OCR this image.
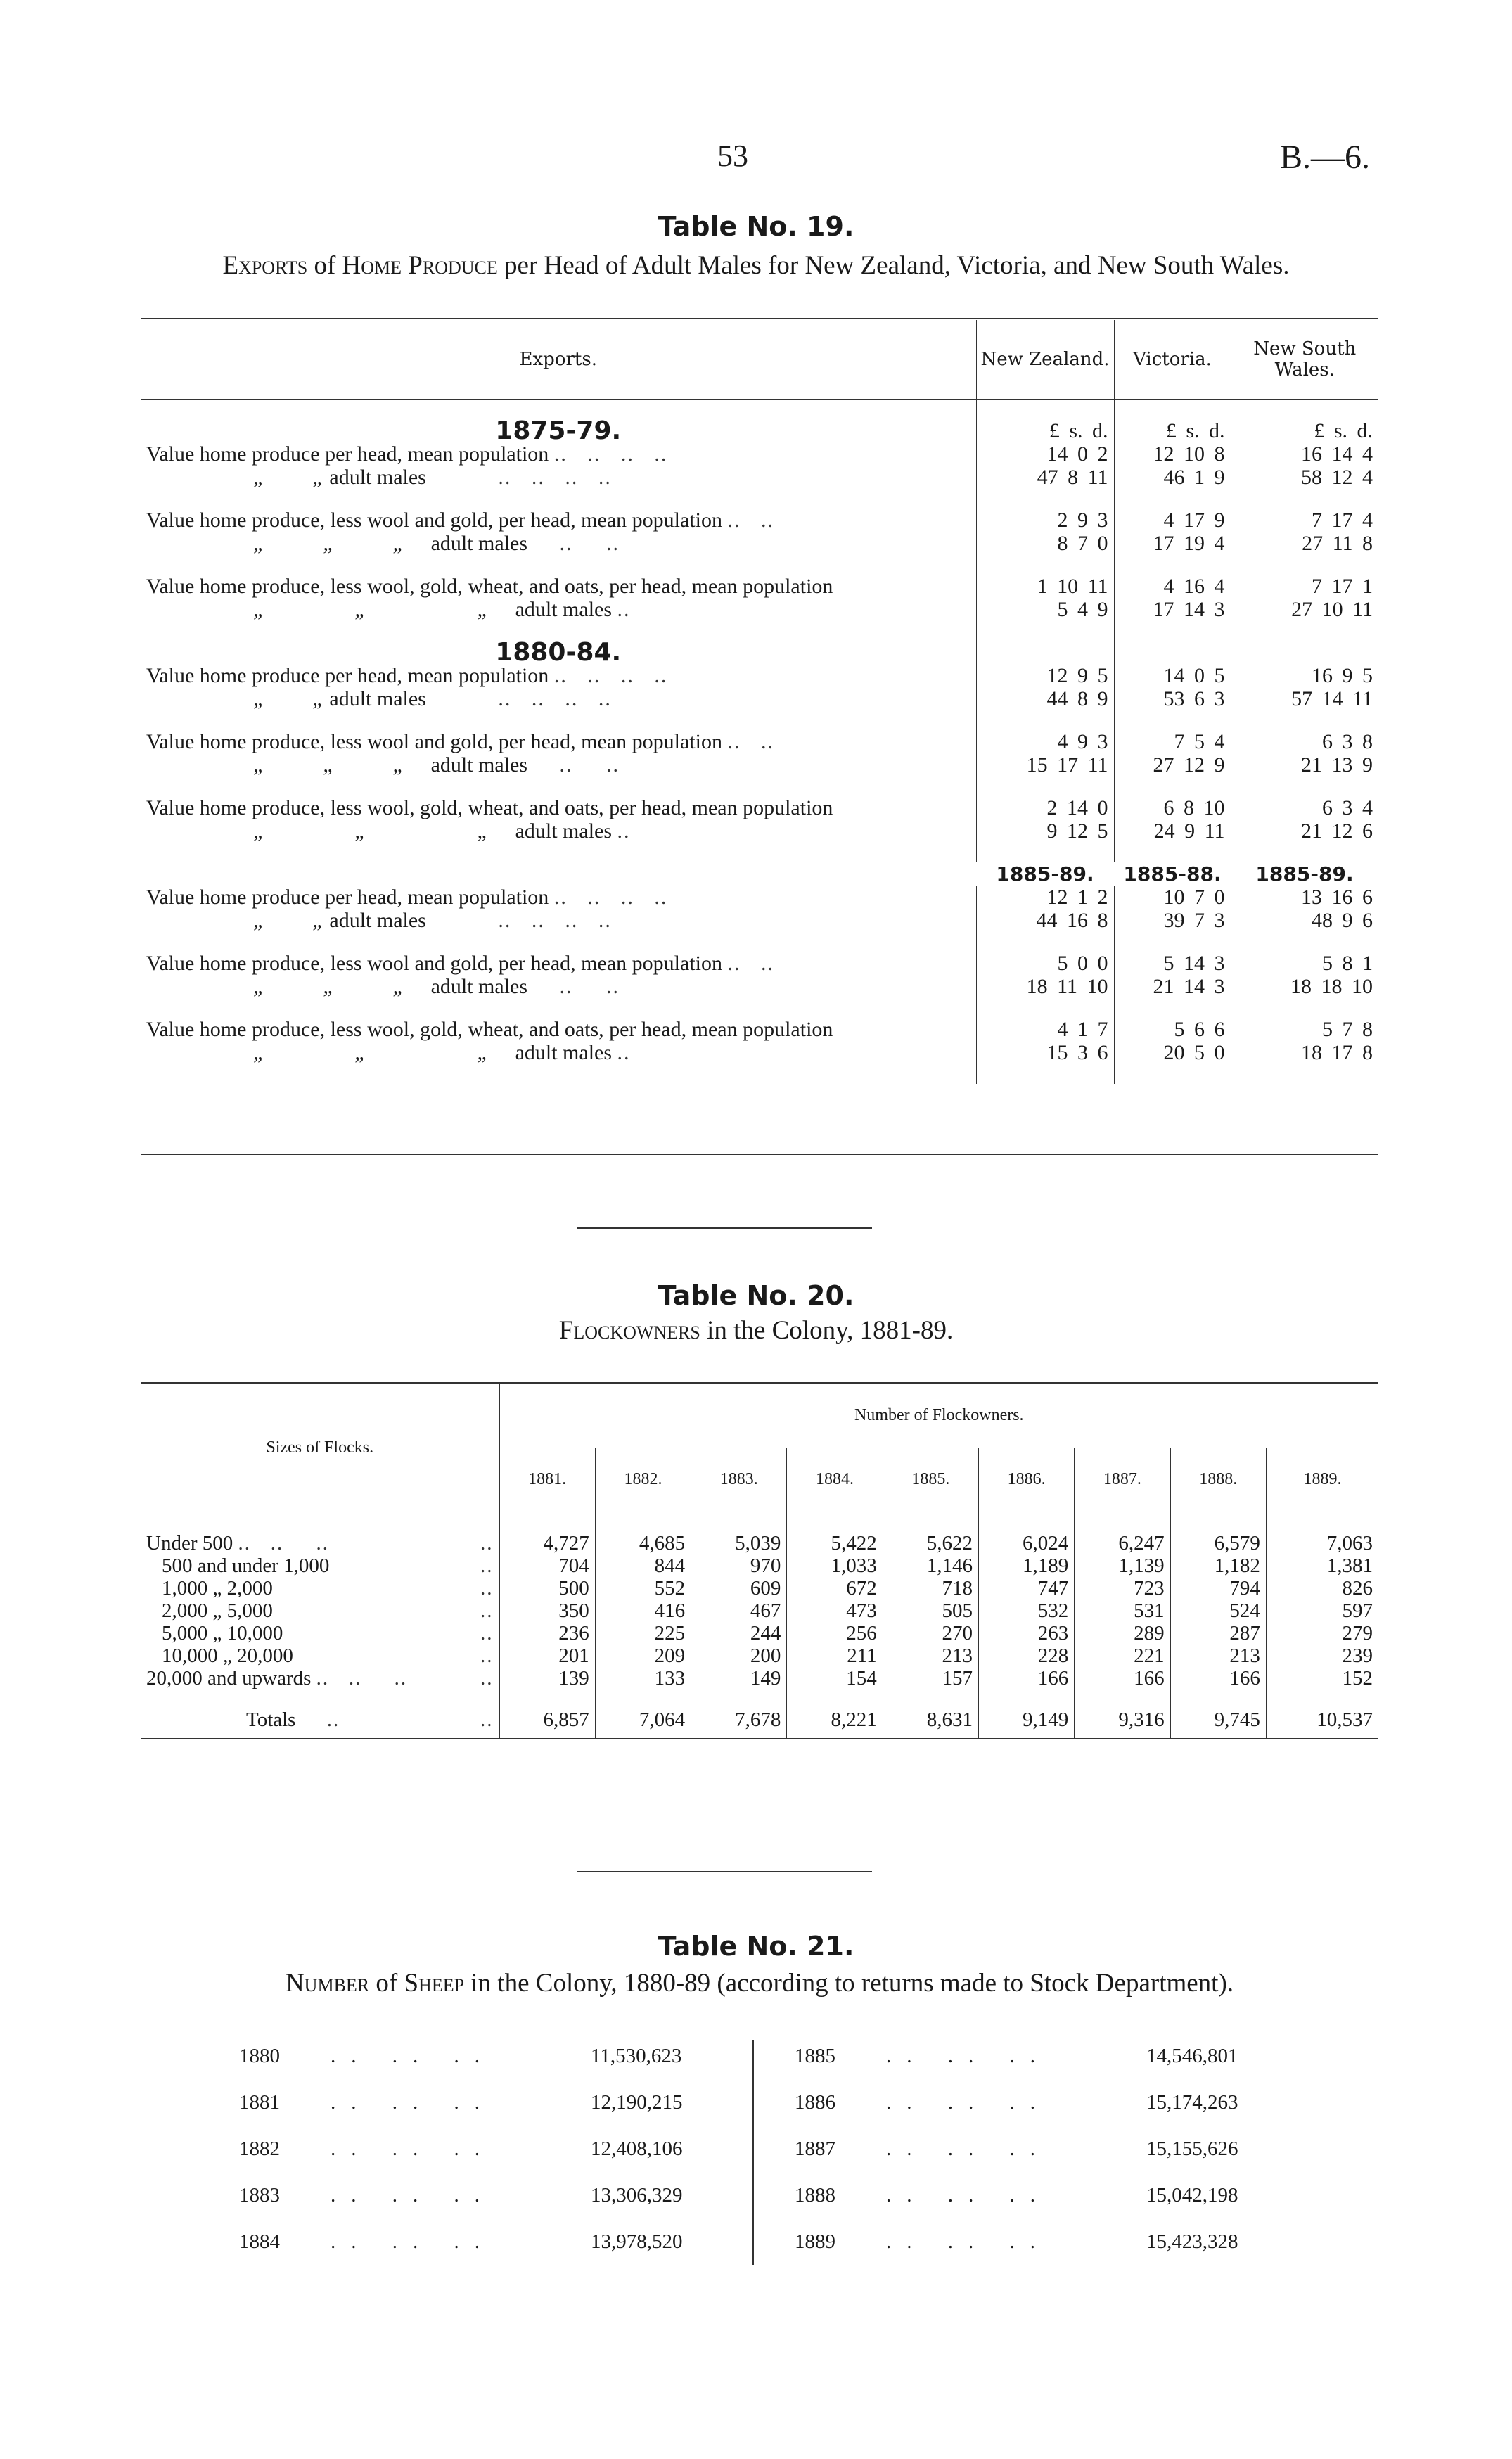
53	B.—6.
Table No. 19.
Exports of Home Produce per Head of Adult Males for New Zealand, Victoria, and New South Wales.
Exports.	New Zealand.	Victoria.	New South Wales.

1875-79.	£ s. d.	£ s. d.	£ s. d.
Value home produce per head, mean population ..   ..   ..   ..	14 0 2	12 10 8	16 14 4
„ „ adult males           ..   ..   ..   ..	47 8 11	46 1 9	58 12 4

Value home produce, less wool and gold, per head, mean population ..   ..	2 9 3	4 17 9	7 17 4
„ „ „ adult males     ..     ..	8 7 0	17 19 4	27 11 8

Value home produce, less wool, gold, wheat, and oats, per head, mean population	1 10 11	4 16 4	7 17 1
„ „ „ adult males ..	5 4 9	17 14 3	27 10 11

1880-84.			
Value home produce per head, mean population ..   ..   ..   ..	12 9 5	14 0 5	16 9 5
„ „ adult males           ..   ..   ..   ..	44 8 9	53 6 3	57 14 11

Value home produce, less wool and gold, per head, mean population ..   ..	4 9 3	7 5 4	6 3 8
„ „ „ adult males     ..     ..	15 17 11	27 12 9	21 13 9

Value home produce, less wool, gold, wheat, and oats, per head, mean population	2 14 0	6 8 10	6 3 4
„ „ „ adult males ..	9 12 5	24 9 11	21 12 6

	1885-89.	1885-88.	1885-89.
Value home produce per head, mean population ..   ..   ..   ..	12 1 2	10 7 0	13 16 6
„ „ adult males           ..   ..   ..   ..	44 16 8	39 7 3	48 9 6

Value home produce, less wool and gold, per head, mean population ..   ..	5 0 0	5 14 3	5 8 1
„ „ „ adult males     ..     ..	18 11 10	21 14 3	18 18 10

Value home produce, less wool, gold, wheat, and oats, per head, mean population	4 1 7	5 6 6	5 7 8
„ „ „ adult males ..	15 3 6	20 5 0	18 17 8

Table No. 20.
Flockowners in the Colony, 1881-89.
Sizes of Flocks.	Number of Flockowners.								
	1881.	1882.	1883.	1884.	1885.	1886.	1887.	1888.	1889.

Under 500 ..   ..     .. ..	4,727	4,685	5,039	5,422	5,622	6,024	6,247	6,579	7,063
500 and under 1,000 ..	704	844	970	1,033	1,146	1,189	1,139	1,182	1,381
1,000 „ 2,000 ..	500	552	609	672	718	747	723	794	826
2,000 „ 5,000 ..	350	416	467	473	505	532	531	524	597
5,000 „ 10,000 ..	236	225	244	256	270	263	289	287	279
10,000 „ 20,000 ..	201	209	200	211	213	228	221	213	239
20,000 and upwards ..   ..     .. ..	139	133	149	154	157	166	166	166	152

Totals     .. ..	6,857	7,064	7,678	8,221	8,631	9,149	9,316	9,745	10,537
Table No. 21.
Number of Sheep in the Colony, 1880-89 (according to returns made to Stock Department).
1880 .. .. ..	11,530,623
1881 .. .. ..	12,190,215
1882 .. .. ..	12,408,106
1883 .. .. ..	13,306,329
1884 .. .. ..	13,978,520
1885 .. .. ..	14,546,801
1886 .. .. ..	15,174,263
1887 .. .. ..	15,155,626
1888 .. .. ..	15,042,198
1889 .. .. ..	15,423,328
